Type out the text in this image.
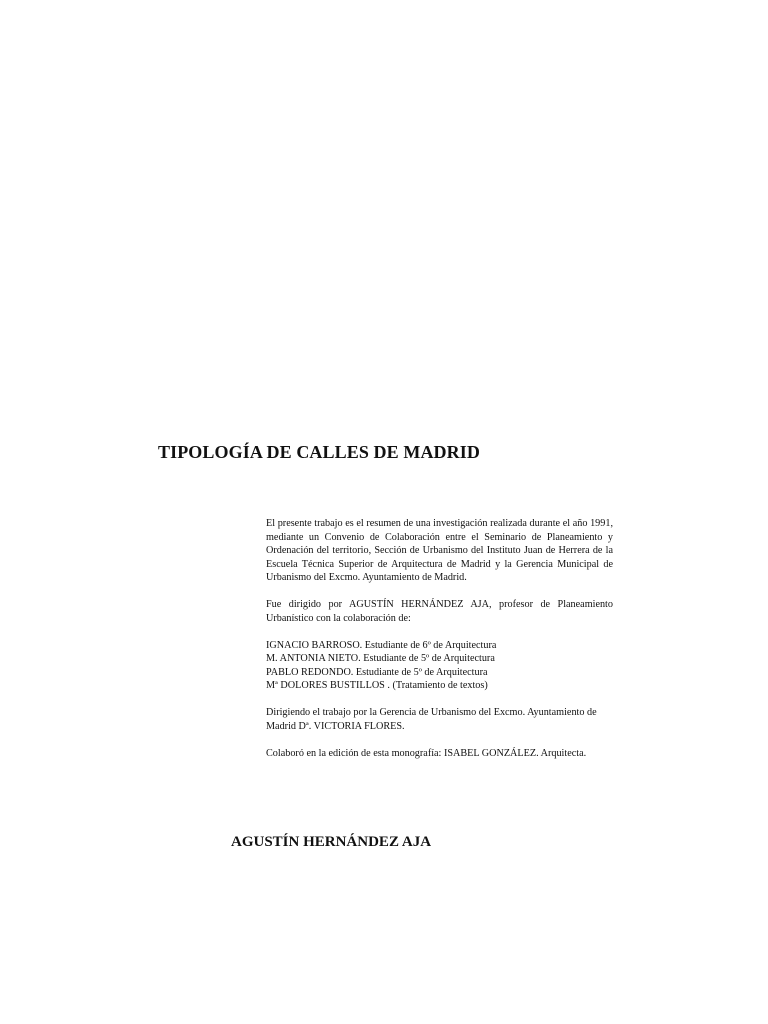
TIPOLOGÍA DE CALLES DE MADRID

El presente trabajo es el resumen de una investigación realizada durante el año 1991, mediante un Convenio de Colaboración entre el Seminario de Planeamiento y Ordenación del territorio, Sección de Urbanismo del Instituto Juan de Herrera de la Escuela Técnica Superior de Arquitectura de Madrid y la Gerencia Municipal de Urbanismo del Excmo. Ayuntamiento de Madrid.

Fue dirigido por AGUSTÍN HERNÁNDEZ AJA, profesor de Planeamiento Urbanístico con la colaboración de:

IGNACIO BARROSO. Estudiante de 6º de Arquitectura
M. ANTONIA NIETO. Estudiante de 5º de Arquitectura
PABLO REDONDO. Estudiante de 5º de Arquitectura
Mª DOLORES BUSTILLOS . (Tratamiento de textos)

Dirigiendo el trabajo por la Gerencia de Urbanismo del Excmo. Ayuntamiento de Madrid Dª. VICTORIA FLORES.

Colaboró en la edición de esta monografía: ISABEL GONZÁLEZ. Arquitecta.

AGUSTÍN HERNÁNDEZ AJA
